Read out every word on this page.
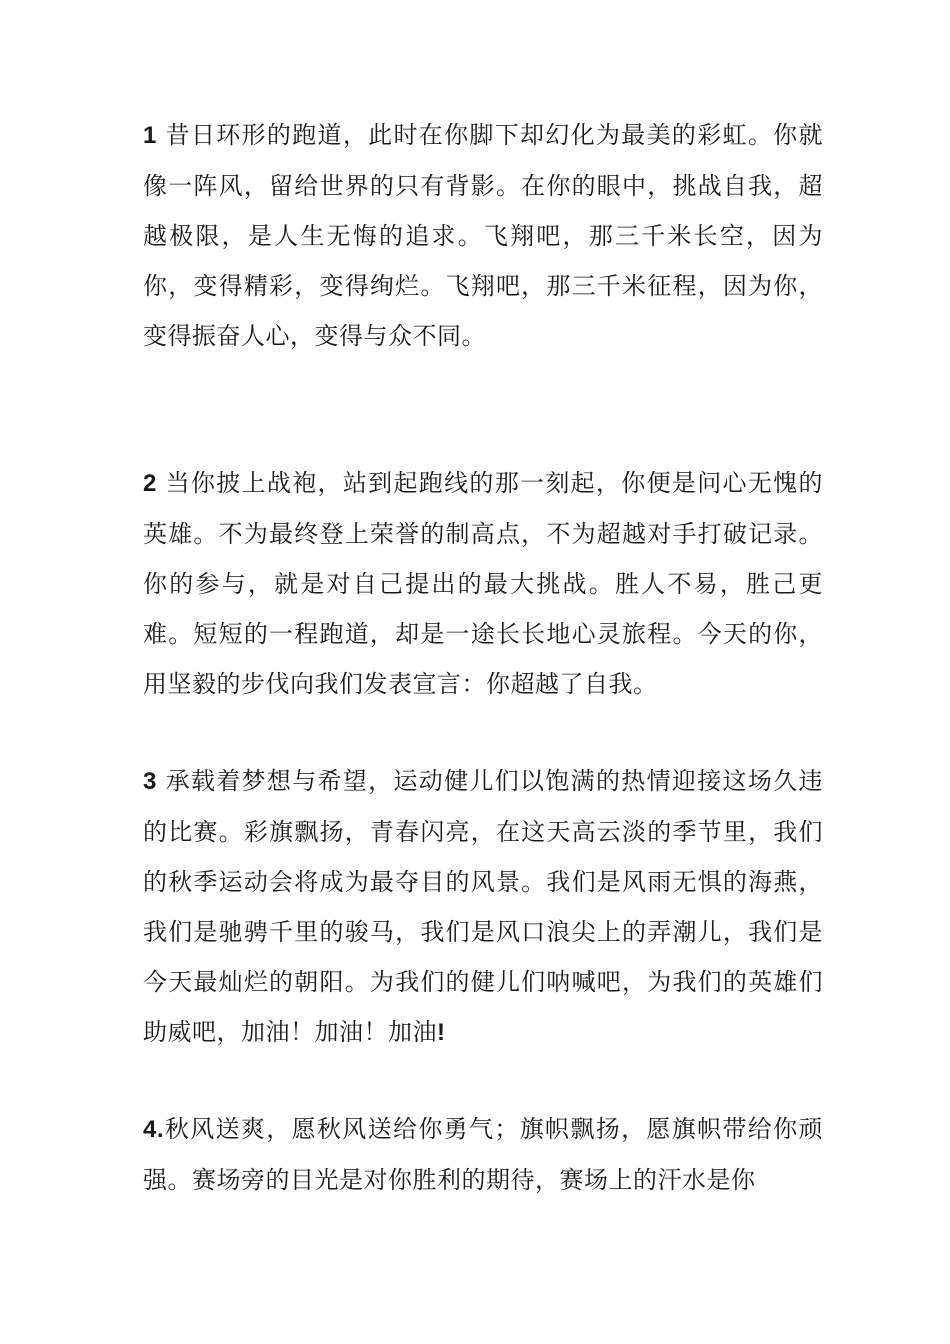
1 昔日环形的跑道，此时在你脚下却幻化为最美的彩虹。你就像一阵风，留给世界的只有背影。在你的眼中，挑战自我，超越极限，是人生无悔的追求。飞翔吧，那三千米长空，因为你，变得精彩，变得绚烂。飞翔吧，那三千米征程，因为你，变得振奋人心，变得与众不同。

2 当你披上战袍，站到起跑线的那一刻起，你便是问心无愧的英雄。不为最终登上荣誉的制高点，不为超越对手打破记录。你的参与，就是对自己提出的最大挑战。胜人不易，胜己更难。短短的一程跑道，却是一途长长地心灵旅程。今天的你，用坚毅的步伐向我们发表宣言：你超越了自我。

3 承载着梦想与希望，运动健儿们以饱满的热情迎接这场久违的比赛。彩旗飘扬，青春闪亮，在这天高云淡的季节里，我们的秋季运动会将成为最夺目的风景。我们是风雨无惧的海燕，我们是驰骋千里的骏马，我们是风口浪尖上的弄潮儿，我们是今天最灿烂的朝阳。为我们的健儿们呐喊吧，为我们的英雄们助威吧，加油！加油！加油!

4.秋风送爽，愿秋风送给你勇气；旗帜飘扬，愿旗帜带给你顽强。赛场旁的目光是对你胜利的期待，赛场上的汗水是你
